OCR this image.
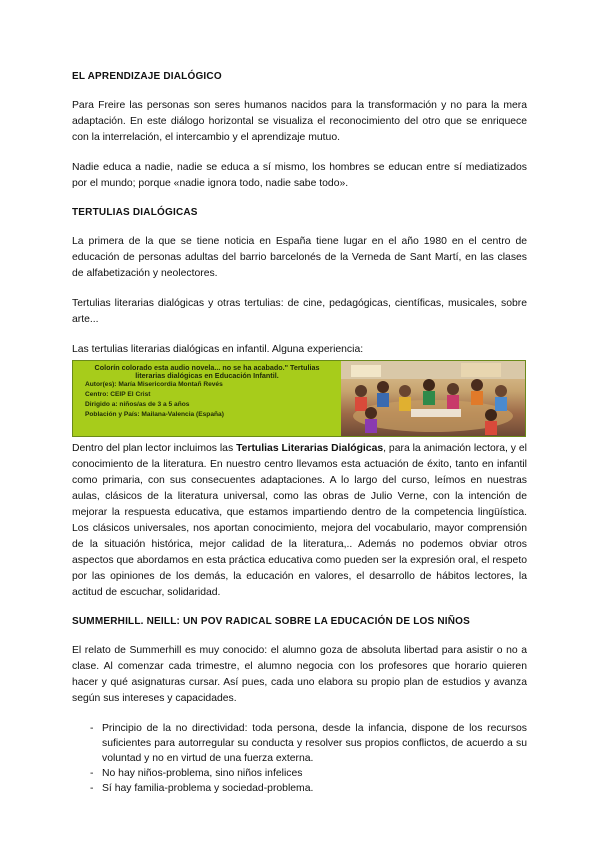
EL APRENDIZAJE DIALÓGICO

Para Freire las personas son seres humanos nacidos para la transformación y no para la mera adaptación. En este diálogo horizontal se visualiza el reconocimiento del otro que se enriquece con la interrelación, el intercambio y el aprendizaje mutuo.

Nadie educa a nadie, nadie se educa a sí mismo, los hombres se educan entre sí mediatizados por el mundo; porque «nadie ignora todo, nadie sabe todo».

TERTULIAS DIALÓGICAS

La primera de la que se tiene noticia en España tiene lugar en el año 1980 en el centro de educación de personas adultas del barrio barcelonés de la Verneda de Sant Martí, en las clases de alfabetización y neolectores.

Tertulias literarias dialógicas y otras tertulias: de cine, pedagógicas, científicas, musicales, sobre arte...

Las tertulias literarias dialógicas en infantil. Alguna experiencia:

Colorín colorado esta audio novela... no se ha acabado." Tertulias literarias dialógicas en Educación Infantil.

Autor(es): María Misericordia Montañ Revés

Centro: CEIP El Crist

Dirigido a: niños/as de 3 a 5 años

Población y País: Mailana-Valencia (España)

Dentro del plan lector incluimos las Tertulias Literarias Dialógicas, para la animación lectora, y el conocimiento de la literatura. En nuestro centro llevamos esta actuación de éxito, tanto en infantil como primaria, con sus consecuentes adaptaciones. A lo largo del curso, leímos en nuestras aulas, clásicos de la literatura universal, como las obras de Julio Verne, con la intención de mejorar la respuesta educativa, que estamos impartiendo dentro de la competencia lingüística. Los clásicos universales, nos aportan conocimiento, mejora del vocabulario, mayor comprensión de la situación histórica, mejor calidad de la literatura,.. Además no podemos obviar otros aspectos que abordamos en esta práctica educativa como pueden ser la expresión oral, el respeto por las opiniones de los demás, la educación en valores, el desarrollo de hábitos lectores, la actitud de escuchar, solidaridad.

SUMMERHILL. NEILL: UN POV RADICAL SOBRE LA EDUCACIÓN DE LOS NIÑOS

El relato de Summerhill es muy conocido: el alumno goza de absoluta libertad para asistir o no a clase. Al comenzar cada trimestre, el alumno negocia con los profesores que horario quieren hacer y qué asignaturas cursar. Así pues, cada uno elabora su propio plan de estudios y avanza según sus intereses y capacidades.

- Principio de la no directividad: toda persona, desde la infancia, dispone de los recursos suficientes para autorregular su conducta y resolver sus propios conflictos, de acuerdo a su voluntad y no en virtud de una fuerza externa.
- No hay niños-problema, sino niños infelices
- Sí hay familia-problema y sociedad-problema.
